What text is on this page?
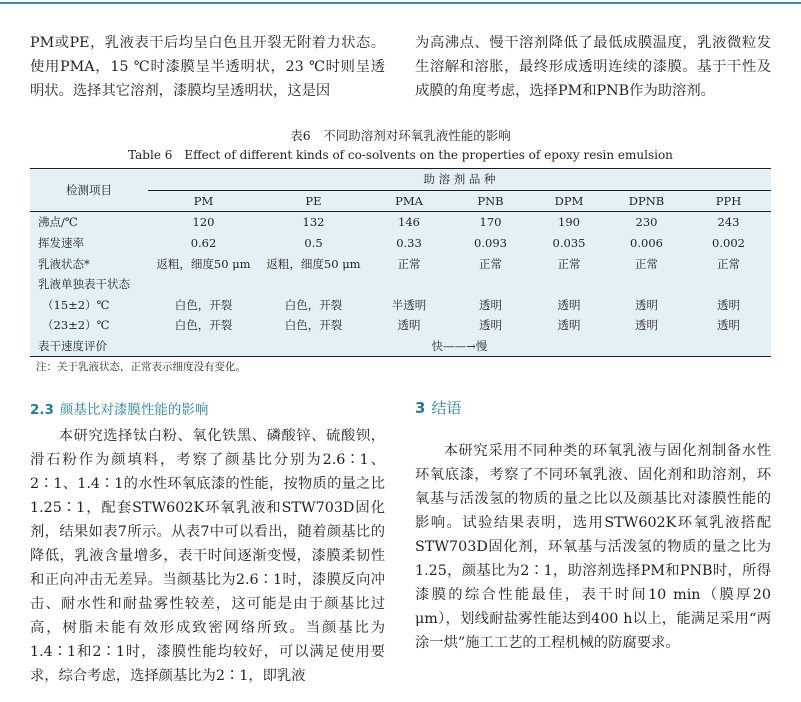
PM或PE，乳液表干后均呈白色且开裂无附着力状态。使用PMA，15 ℃时漆膜呈半透明状，23 ℃时则呈透明状。选择其它溶剂，漆膜均呈透明状，这是因

为高沸点、慢干溶剂降低了最低成膜温度，乳液微粒发生溶解和溶胀，最终形成透明连续的漆膜。基于干性及成膜的角度考虑，选择PM和PNB作为助溶剂。

表6　不同助溶剂对环氧乳液性能的影响
Table 6　Effect of different kinds of co-solvents on the properties of epoxy resin emulsion
检测项目	助 溶 剂 品 种						
	PM	PE	PMA	PNB	DPM	DPNB	PPH
沸点/℃	120	132	146	170	190	230	243
挥发速率	0.62	0.5	0.33	0.093	0.035	0.006	0.002
乳液状态*	返粗，细度50 μm	返粗，细度50 μm	正常	正常	正常	正常	正常
乳液单独表干状态							
（15±2）℃	白色，开裂	白色，开裂	半透明	透明	透明	透明	透明
（23±2）℃	白色，开裂	白色，开裂	透明	透明	透明	透明	透明
表干速度评价	快——→慢						
注：关于乳液状态，正常表示细度没有变化。
2.3 颜基比对漆膜性能的影响

本研究选择钛白粉、氧化铁黑、磷酸锌、硫酸钡，滑石粉作为颜填料，考察了颜基比分别为2.6∶1、2∶1、1.4∶1的水性环氧底漆的性能，按物质的量之比1.25∶1，配套STW602K环氧乳液和STW703D固化剂，结果如表7所示。从表7中可以看出，随着颜基比的降低，乳液含量增多，表干时间逐渐变慢，漆膜柔韧性和正向冲击无差异。当颜基比为2.6∶1时，漆膜反向冲击、耐水性和耐盐雾性较差，这可能是由于颜基比过高，树脂未能有效形成致密网络所致。当颜基比为1.4∶1和2∶1时，漆膜性能均较好，可以满足使用要求，综合考虑，选择颜基比为2∶1，即乳液

3 结语

本研究采用不同种类的环氧乳液与固化剂制备水性环氧底漆，考察了不同环氧乳液、固化剂和助溶剂，环氧基与活泼氢的物质的量之比以及颜基比对漆膜性能的影响。试验结果表明，选用STW602K环氧乳液搭配STW703D固化剂，环氧基与活泼氢的物质的量之比为1.25，颜基比为2∶1，助溶剂选择PM和PNB时，所得漆膜的综合性能最佳，表干时间10 min（膜厚20 μm），划线耐盐雾性能达到400 h以上，能满足采用“两涂一烘”施工工艺的工程机械的防腐要求。
